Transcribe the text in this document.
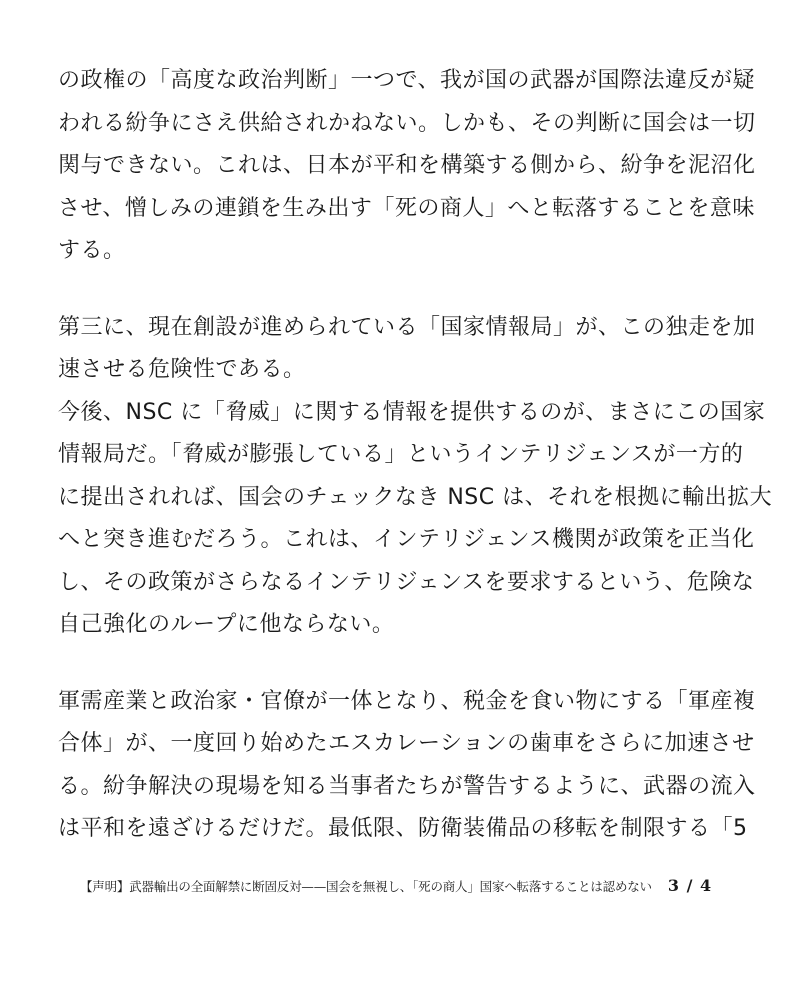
の政権の「高度な政治判断」一つで、我が国の武器が国際法違反が疑
われる紛争にさえ供給されかねない。しかも、その判断に国会は一切
関与できない。これは、日本が平和を構築する側から、紛争を泥沼化
させ、憎しみの連鎖を生み出す「死の商人」へと転落することを意味
する。
第三に、現在創設が進められている「国家情報局」が、この独走を加
速させる危険性である。
今後、NSC に「脅威」に関する情報を提供するのが、まさにこの国家
情報局だ。「脅威が膨張している」というインテリジェンスが一方的
に提出されれば、国会のチェックなき NSC は、それを根拠に輸出拡大
へと突き進むだろう。これは、インテリジェンス機関が政策を正当化
し、その政策がさらなるインテリジェンスを要求するという、危険な
自己強化のループに他ならない。
軍需産業と政治家・官僚が一体となり、税金を食い物にする「軍産複
合体」が、一度回り始めたエスカレーションの歯車をさらに加速させ
る。紛争解決の現場を知る当事者たちが警告するように、武器の流入
は平和を遠ざけるだけだ。最低限、防衛装備品の移転を制限する「5
【声明】武器輸出の全面解禁に断固反対——国会を無視し、「死の商人」国家へ転落することは認めない 3 / 4
